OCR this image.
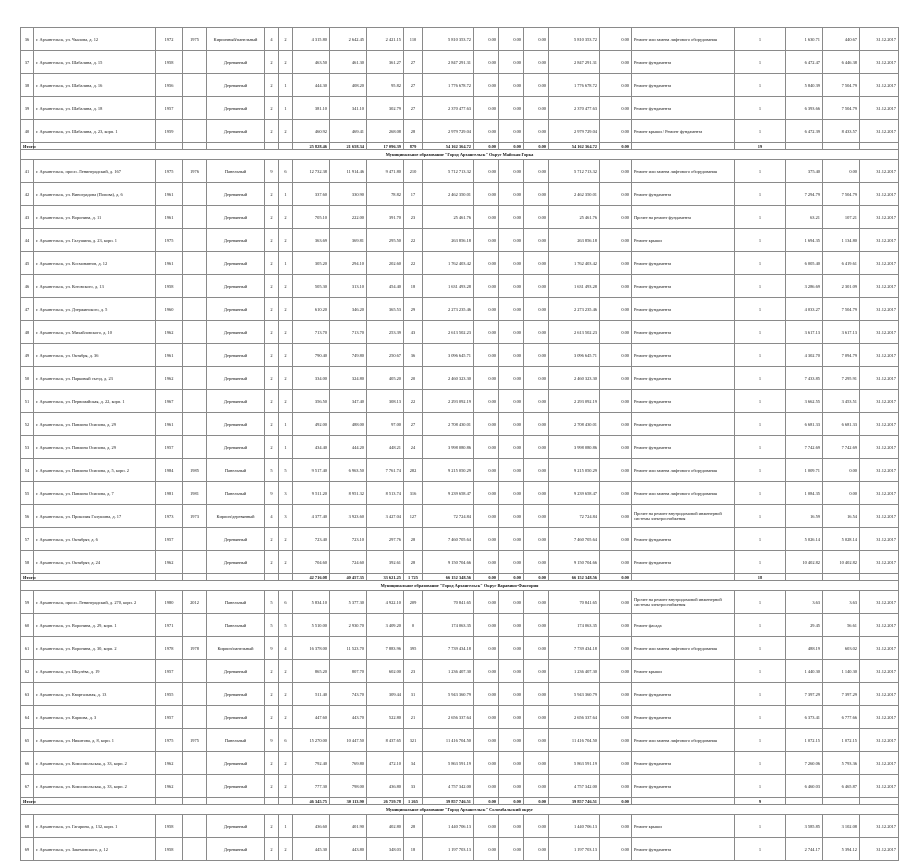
36	г. Архангельск, ул. Чкалова, д. 12	1972	1975	Кирпичный/панельный	4	2	4 315.80	2 642.45	2 421.15	110	5 810 353.72	0.00	0.00	0.00	5 810 353.72	0.00	Ремонт или замена лифтового оборудования	1	1 630.71	440.67	31.12.2017
37	г. Архангельск, ул. Шабалина, д. 15	1958		Деревянный	2	2	463.50	461.30	361.27	27	2 847 291.31	0.00	0.00	0.00	2 847 291.31	0.00	Ремонт фундамента	1	6 472.47	6 446.38	31.12.2017
38	г. Архангельск, ул. Шабалина, д. 16	1956		Деревянный	2	1	444.30	408.20	95.82	27	1 776 678.72	0.00	0.00	0.00	1 776 678.72	0.00	Ремонт фундамента	1	5 840.39	7 504.79	31.12.2017
39	г. Архангельск, ул. Шабалина, д. 18	1957		Деревянный	2	1	381.10	341.10	302.79	27	2 370 477.63	0.00	0.00	0.00	2 370 477.63	0.00	Ремонт фундамента	1	6 393.66	7 504.79	31.12.2017
40	г. Архангельск, ул. Шабалина, д. 23, корп. 1	1959		Деревянный	2	2	460.92	469.41	268.08	28	2 979 729.04	0.00	0.00	0.00	2 979 729.04	0.00	Ремонт крыши / Ремонт фундамента	1	6 472.39	8 433.57	31.12.2017
Итого:							25 828.46	21 658.34	17 096.39	879	54 162 364.72	0.00	0.00	0.00	54 162 364.72	0.00		19			
Муниципальное образование "Город Архангельск" Округ Майская Горка																					
41	г. Архангельск, просп. Ленинградский, д. 167	1975	1976	Панельный	9	6	12 732.38	11 914.46	9 471.80	210	5 712 713.32	0.00	0.00	0.00	5 712 713.32	0.00	Ремонт или замена лифтового оборудования	1	375.40	0.00	31.12.2017
42	г. Архангельск, ул. Виноградова (Попова), д. 6	1961		Деревянный	2	1	337.60	330.90	78.82	17	2 462 350.01	0.00	0.00	0.00	2 462 350.01	0.00	Ремонт фундамента	1	7 294.79	7 504.79	31.12.2017
43	г. Архангельск, ул. Воронина, д. 11	1961		Деревянный	2	2	705.10	222.00	391.70	23	25 461.76	0.00	0.00	0.00	25 461.76	0.00	Прочее на ремонт фундамента	1	63.21	107.21	31.12.2017
44	г. Архангельск, ул. Галушина, д. 23, корп. 1	1975		Деревянный	2	2	363.69	369.81	295.50	22	263 856.18	0.00	0.00	0.00	263 856.18	0.00	Ремонт крыши	1	1 694.35	1 134.80	31.12.2017
45	г. Архангельск, ул. Космонавтов, д. 12	1961		Деревянный	2	1	305.20	294.10	202.60	22	1 762 403.42	0.00	0.00	0.00	1 762 403.42	0.00	Ремонт фундамента	1	6 005.40	6 419.61	31.12.2017
46	г. Архангельск, ул. Котовского, д. 13	1958		Деревянный	2	2	505.30	313.10	454.40	18	1 631 493.28	0.00	0.00	0.00	1 631 493.28	0.00	Ремонт фундамента	1	3 286.69	2 301.09	31.12.2017
47	г. Архангельск, ул. Дзержинского, д. 5	1960		Деревянный	2	2	610.20	346.20	365.53	29	2 273 235.46	0.00	0.00	0.00	2 273 235.46	0.00	Ремонт фундамента	1	4 033.27	7 504.79	31.12.2017
48	г. Архангельск, ул. Михайловского, д. 10	1962		Деревянный	2	2	713.70	713.70	253.39	43	2 613 502.23	0.00	0.00	0.00	2 613 502.23	0.00	Ремонт фундамента	1	3 617.13	3 617.13	31.12.2017
49	г. Архангельск, ул. Октября, д. 36	1961		Деревянный	2	2	790.40	749.80	250.67	36	3 096 645.71	0.00	0.00	0.00	3 096 645.71	0.00	Ремонт фундамента	1	4 302.70	7 094.79	31.12.2017
50	г. Архангельск, ул. Парковый съезд, д. 23	1962		Деревянный	2	2	334.00	324.80	405.20	20	2 460 323.30	0.00	0.00	0.00	2 460 323.30	0.00	Ремонт фундамента	1	7 433.85	7 295.91	31.12.2017
51	г. Архангельск, ул. Первомайская, д. 22, корп. 1	1967		Деревянный	2	2	356.50	347.40	308.13	22	2 293 092.19	0.00	0.00	0.00	2 293 092.19	0.00	Ремонт фундамента	1	3 662.55	3 453.51	31.12.2017
52	г. Архангельск, ул. Павлина Осипова, д. 29	1961		Деревянный	2	1	492.00	488.00	97.00	27	2 708 430.01	0.00	0.00	0.00	2 708 430.01	0.00	Ремонт фундамента	1	6 681.33	6 681.33	31.12.2017
53	г. Архангельск, ул. Павлина Осипова, д. 29	1957		Деревянный	2	1	434.40	444.20	448.21	24	3 998 080.86	0.00	0.00	0.00	3 998 080.86	0.00	Ремонт фундамента	1	7 742.69	7 742.69	31.12.2017
54	г. Архангельск, ул. Павлина Осипова, д. 5, корп. 2	1984	1985	Панельный	5	5	9 517.40	6 963.50	7 761.74	282	9 215 050.29	0.00	0.00	0.00	9 215 050.29	0.00	Ремонт или замена лифтового оборудования	1	1 009.71	0.00	31.12.2017
55	г. Архангельск, ул. Павлина Осипова, д. 7	1981	1981	Панельный	9	3	9 511.20	8 951.32	8 513.74	316	9 239 658.47	0.00	0.00	0.00	9 239 658.47	0.00	Ремонт или замена лифтового оборудования	1	1 084.35	0.00	31.12.2017
56	г. Архангельск, ул. Прокопия Галушина, д. 17	1973	1973	Кирпич/деревянный	4	3	4 377.40	3 923.60	3 427.04	127	72 724.84	0.00	0.00	0.00	72 724.84	0.00	Прочее на ремонт внутридомовой инженерной системы электроснабжения	1	16.59	16.54	31.12.2017
57	г. Архангельск, ул. Октябрят, д. 6	1957		Деревянный	2	2	723.40	723.10	297.76	28	7 460 705.64	0.00	0.00	0.00	7 460 705.64	0.00	Ремонт фундамента	1	5 026.14	5 028.14	31.12.2017
58	г. Архангельск, ул. Октябрят, д. 24	1962		Деревянный	2	2	704.60	724.60	392.61	28	9 150 704.66	0.00	0.00	0.00	9 150 704.66	0.00	Ремонт фундамента	1	10 402.82	10 402.82	31.12.2017
Итого:							42 716.08	40 457.35	33 621.25	1 725	66 152 348.56	0.00	0.00	0.00	66 152 348.56	0.00		18			
Муниципальное образование "Город Архангельск" Округ Варавино-Фактория																					
59	г. Архангельск, просп. Ленинградский, д. 270, корп. 2	1980	2012	Панельный	5	6	5 834.10	5 377.30	4 922.10	209	70 841.65	0.00	0.00	0.00	70 841.65	0.00	Прочее на ремонт внутридомовой инженерной системы электроснабжения	1	3.63	3.63	31.12.2017
60	г. Архангельск, ул. Воронина, д. 29, корп. 1	1971		Панельный	5	5	5 510.00	2 930.70	3 409.20	0	174 063.35	0.00	0.00	0.00	174 063.35	0.00	Ремонт фасада	1	29.45	56.61	31.12.2017
61	г. Архангельск, ул. Воронина, д. 30, корп. 2	1978	1978	Кирпич/панельный	9	4	16 378.00	11 523.70	7 883.96	395	7 739 434.18	0.00	0.00	0.00	7 739 434.18	0.00	Ремонт или замена лифтового оборудования	1	488.19	603.02	31.12.2017
62	г. Архангельск, ул. Шкулёва, д. 19	1957		Деревянный	2	2	865.20	807.70	602.00	23	1 236 407.30	0.00	0.00	0.00	1 236 407.30	0.00	Ремонт крыши	1	1 440.30	1 140.30	31.12.2017
63	г. Архангельск, ул. Квартальная, д. 13	1955		Деревянный	2	2	511.40	743.70	309.44	31	5 943 360.79	0.00	0.00	0.00	5 943 360.79	0.00	Ремонт фундамента	1	7 397.29	7 397.29	31.12.2017
64	г. Архангельск, ул. Карпова, д. 3	1957		Деревянный	2	2	447.60	443.70	522.80	21	2 656 337.64	0.00	0.00	0.00	2 656 337.64	0.00	Ремонт фундамента	1	6 373.41	6 777.66	31.12.2017
65	г. Архангельск, ул. Никитова, д. 8, корп. 1	1975	1975	Панельный	9	6	15 270.00	10 447.50	8 437.65	321	11 416 704.50	0.00	0.00	0.00	11 416 704.50	0.00	Ремонт или замена лифтового оборудования	1	1 072.15	1 072.15	31.12.2017
66	г. Архангельск, ул. Комсомольская, д. 33, корп. 2	1962		Деревянный	2	2	792.40	769.80	472.10	34	5 863 591.19	0.00	0.00	0.00	5 863 591.19	0.00	Ремонт фундамента	1	7 260.06	5 793.36	31.12.2017
67	г. Архангельск, ул. Комсомольская, д. 33, корп. 2	1962		Деревянный	2	2	777.30	798.00	436.80	33	4 757 342.00	0.00	0.00	0.00	4 757 342.00	0.00	Ремонт фундамента	1	6 460.03	6 465.87	31.12.2017
Итого:							46 345.75	30 113.90	26 759.78	1 265	39 857 746.51	0.00	0.00	0.00	39 857 746.51	0.00		9			
Муниципальное образование "Город Архангельск" Соломбальский округ																					
68	г. Архангельск, ул. Гагарина, д. 132, корп. 1	1958		Деревянный	2	1	436.60	401.90	402.80	28	1 440 706.13	0.00	0.00	0.00	1 440 706.13	0.00	Ремонт крыши	1	3 585.85	3 102.08	31.12.2017
69	г. Архангельск, ул. Закемовского, д. 12	1958		Деревянный	2	2	445.30	443.80	348.03	18	1 197 703.13	0.00	0.00	0.00	1 197 703.13	0.00	Ремонт фундамента	1	2 744.17	5 394.12	31.12.2017
